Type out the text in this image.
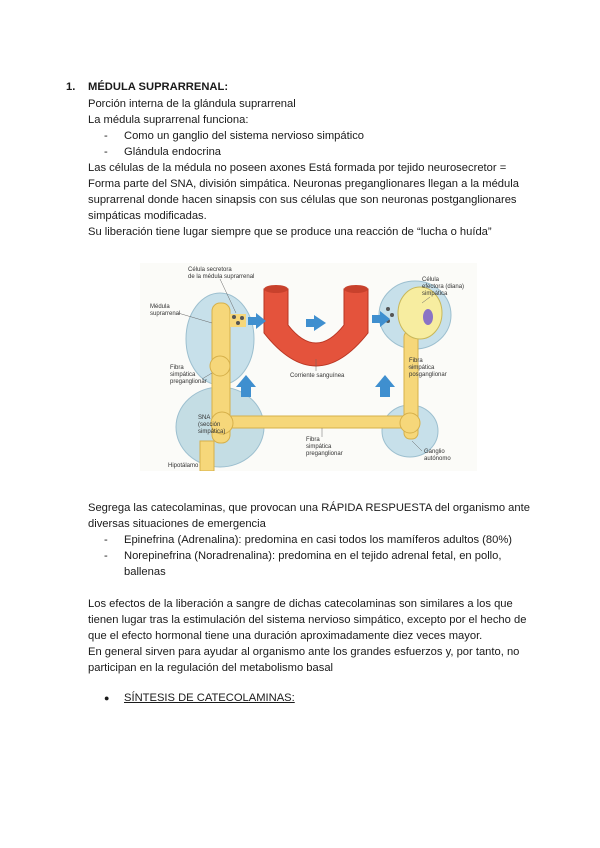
1. MÉDULA SUPRARRENAL:
Porción interna de la glándula suprarrenal
La médula suprarrenal funciona:
- Como un ganglio del sistema nervioso simpático
- Glándula endocrina
Las células de la médula no poseen axones Está formada por tejido neurosecretor =
Forma parte del SNA, división simpática. Neuronas preganglionares llegan a la médula
suprarrenal donde hacen sinapsis con sus células que son neuronas postganglionares
simpáticas modificadas.
Su liberación tiene lugar siempre que se produce una reacción de “lucha o huída”
Célula secretora
de la médula suprarrenal
Médula
suprarrenal
Célula
efectora (diana)
simpática
Fibra
simpática
preganglionar
Corriente sanguínea
Fibra
simpática
posganglionar
SNA
(sección
simpática)
Fibra
simpática
preganglionar
Hipotálamo
Ganglio
autónomo
Segrega las catecolaminas, que provocan una RÁPIDA RESPUESTA del organismo ante
diversas situaciones de emergencia
- Epinefrina (Adrenalina): predomina en casi todos los mamíferos adultos (80%)
- Norepinefrina (Noradrenalina): predomina en el tejido adrenal fetal, en pollo,
ballenas
Los efectos de la liberación a sangre de dichas catecolaminas son similares a los que
tienen lugar tras la estimulación del sistema nervioso simpático, excepto por el hecho de
que el efecto hormonal tiene una duración aproximadamente diez veces mayor.
En general sirven para ayudar al organismo ante los grandes esfuerzos y, por tanto, no
participan en la regulación del metabolismo basal
● SÍNTESIS DE CATECOLAMINAS:
